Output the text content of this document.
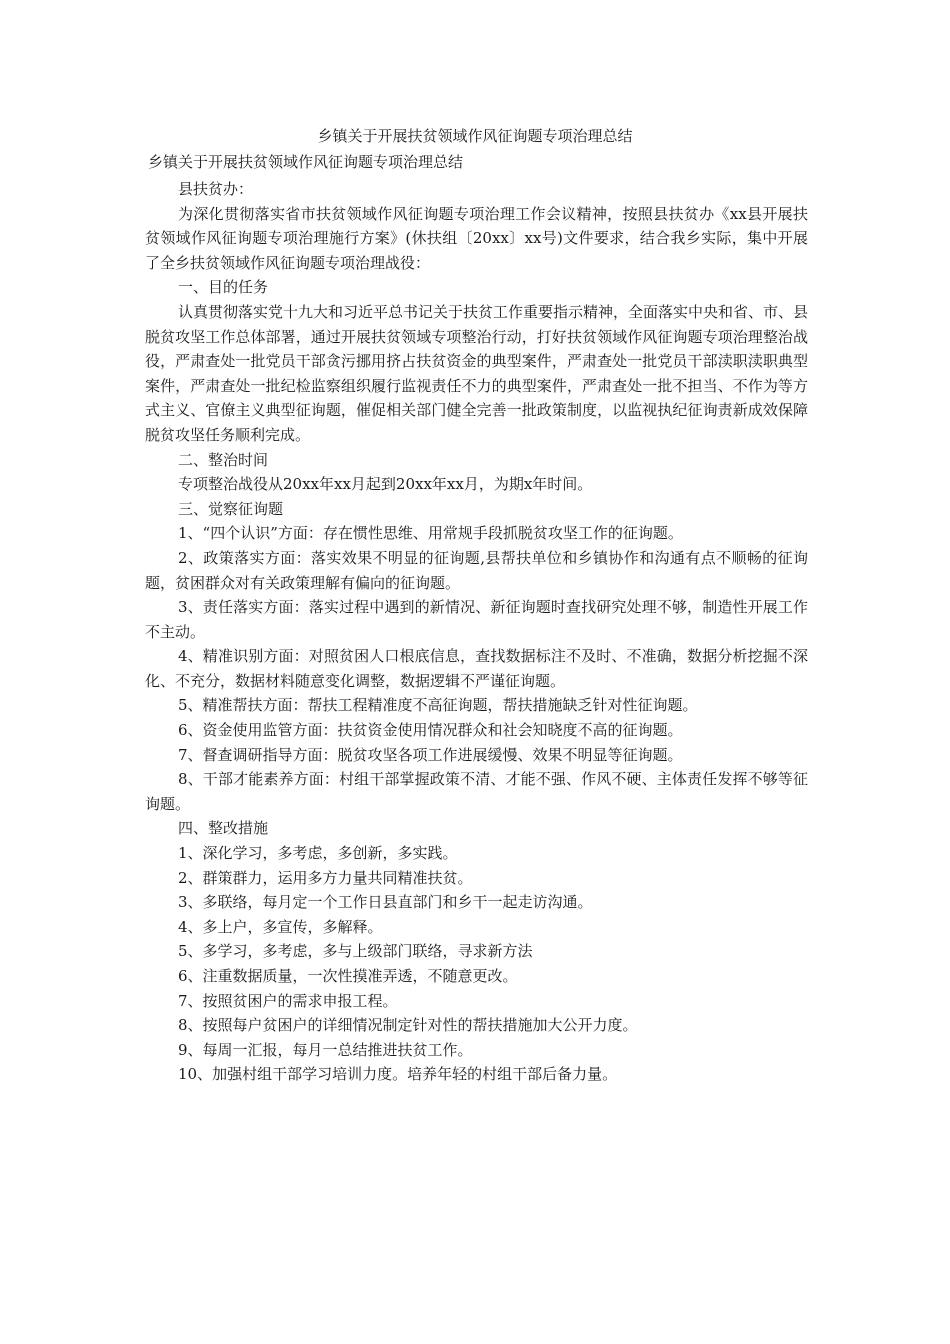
乡镇关于开展扶贫领域作风征询题专项治理总结
乡镇关于开展扶贫领域作风征询题专项治理总结

县扶贫办：

为深化贯彻落实省市扶贫领域作风征询题专项治理工作会议精神，按照县扶贫办《xx县开展扶贫领域作风征询题专项治理施行方案》(休扶组〔20xx〕xx号)文件要求，结合我乡实际，集中开展了全乡扶贫领域作风征询题专项治理战役：

一、目的任务

认真贯彻落实党十九大和习近平总书记关于扶贫工作重要指示精神，全面落实中央和省、市、县脱贫攻坚工作总体部署，通过开展扶贫领域专项整治行动，打好扶贫领域作风征询题专项治理整治战役，严肃查处一批党员干部贪污挪用挤占扶贫资金的典型案件，严肃查处一批党员干部渎职渎职典型案件，严肃查处一批纪检监察组织履行监视责任不力的典型案件，严肃查处一批不担当、不作为等方式主义、官僚主义典型征询题，催促相关部门健全完善一批政策制度，以监视执纪征询责新成效保障脱贫攻坚任务顺利完成。

二、整治时间

专项整治战役从20xx年xx月起到20xx年xx月，为期x年时间。

三、觉察征询题

1、“四个认识”方面：存在惯性思维、用常规手段抓脱贫攻坚工作的征询题。

2、政策落实方面：落实效果不明显的征询题,县帮扶单位和乡镇协作和沟通有点不顺畅的征询题，贫困群众对有关政策理解有偏向的征询题。

3、责任落实方面：落实过程中遇到的新情况、新征询题时查找研究处理不够，制造性开展工作不主动。

4、精准识别方面：对照贫困人口根底信息，查找数据标注不及时、不准确，数据分析挖掘不深化、不充分，数据材料随意变化调整，数据逻辑不严谨征询题。

5、精准帮扶方面：帮扶工程精准度不高征询题，帮扶措施缺乏针对性征询题。

6、资金使用监管方面：扶贫资金使用情况群众和社会知晓度不高的征询题。

7、督查调研指导方面：脱贫攻坚各项工作进展缓慢、效果不明显等征询题。

8、干部才能素养方面：村组干部掌握政策不清、才能不强、作风不硬、主体责任发挥不够等征询题。

四、整改措施

1、深化学习，多考虑，多创新，多实践。

2、群策群力，运用多方力量共同精准扶贫。

3、多联络，每月定一个工作日县直部门和乡干一起走访沟通。

4、多上户，多宣传，多解释。

5、多学习，多考虑，多与上级部门联络，寻求新方法

6、注重数据质量，一次性摸准弄透，不随意更改。

7、按照贫困户的需求申报工程。

8、按照每户贫困户的详细情况制定针对性的帮扶措施加大公开力度。

9、每周一汇报，每月一总结推进扶贫工作。

10、加强村组干部学习培训力度。培养年轻的村组干部后备力量。
